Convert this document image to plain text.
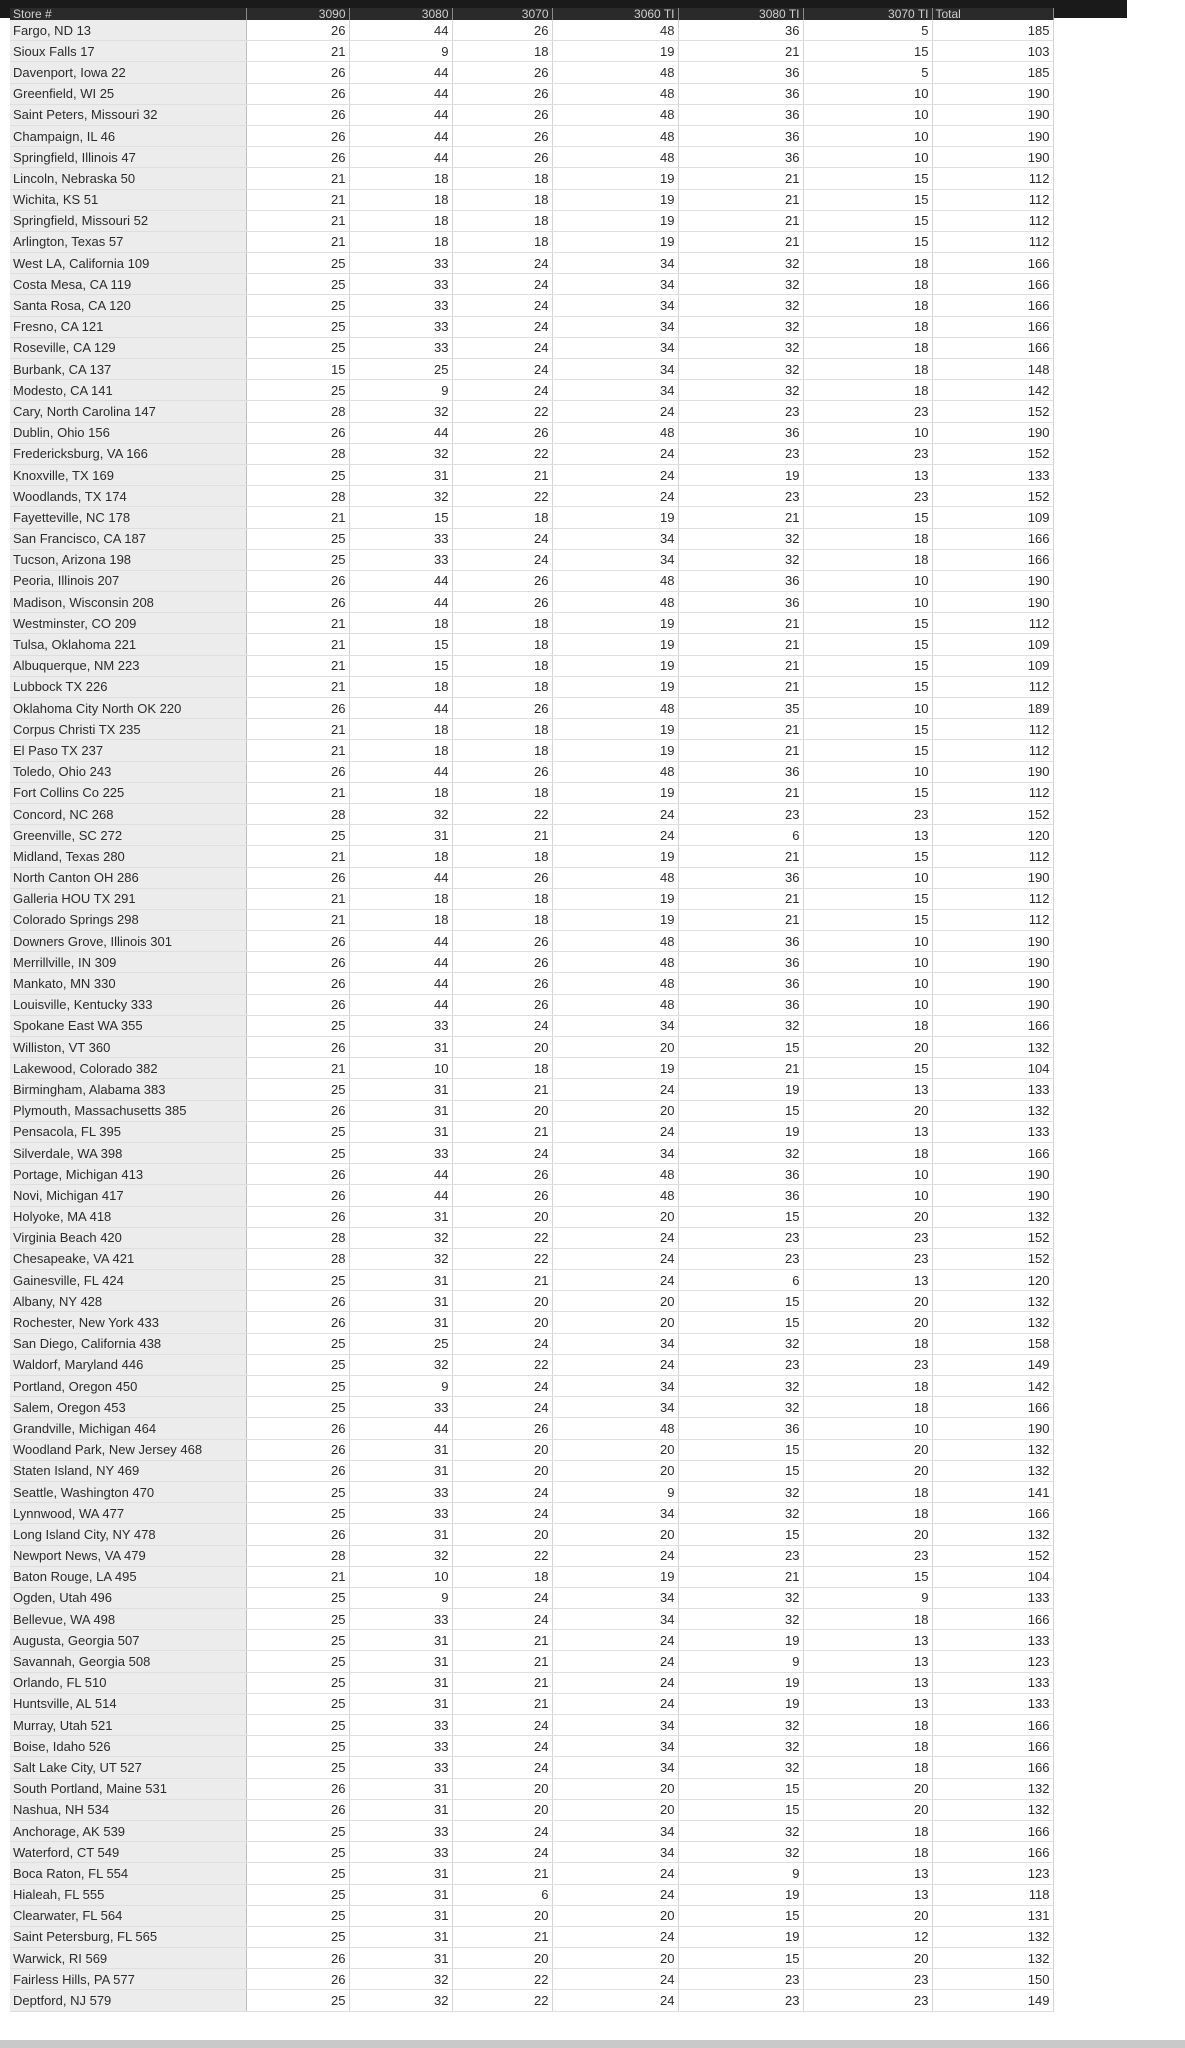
Store #	3090	3080	3070	3060 TI	3080 TI	3070 TI	Total
Fargo, ND 13	26	44	26	48	36	5	185
Sioux Falls 17	21	9	18	19	21	15	103
Davenport, Iowa 22	26	44	26	48	36	5	185
Greenfield, WI 25	26	44	26	48	36	10	190
Saint Peters, Missouri 32	26	44	26	48	36	10	190
Champaign, IL 46	26	44	26	48	36	10	190
Springfield, Illinois 47	26	44	26	48	36	10	190
Lincoln, Nebraska 50	21	18	18	19	21	15	112
Wichita, KS 51	21	18	18	19	21	15	112
Springfield, Missouri 52	21	18	18	19	21	15	112
Arlington, Texas 57	21	18	18	19	21	15	112
West LA, California 109	25	33	24	34	32	18	166
Costa Mesa, CA 119	25	33	24	34	32	18	166
Santa Rosa, CA 120	25	33	24	34	32	18	166
Fresno, CA 121	25	33	24	34	32	18	166
Roseville, CA 129	25	33	24	34	32	18	166
Burbank, CA 137	15	25	24	34	32	18	148
Modesto, CA 141	25	9	24	34	32	18	142
Cary, North Carolina 147	28	32	22	24	23	23	152
Dublin, Ohio 156	26	44	26	48	36	10	190
Fredericksburg, VA 166	28	32	22	24	23	23	152
Knoxville, TX 169	25	31	21	24	19	13	133
Woodlands, TX 174	28	32	22	24	23	23	152
Fayetteville, NC 178	21	15	18	19	21	15	109
San Francisco, CA 187	25	33	24	34	32	18	166
Tucson, Arizona 198	25	33	24	34	32	18	166
Peoria, Illinois 207	26	44	26	48	36	10	190
Madison, Wisconsin 208	26	44	26	48	36	10	190
Westminster, CO 209	21	18	18	19	21	15	112
Tulsa, Oklahoma 221	21	15	18	19	21	15	109
Albuquerque, NM 223	21	15	18	19	21	15	109
Lubbock TX 226	21	18	18	19	21	15	112
Oklahoma City North OK 220	26	44	26	48	35	10	189
Corpus Christi TX 235	21	18	18	19	21	15	112
El Paso TX 237	21	18	18	19	21	15	112
Toledo, Ohio 243	26	44	26	48	36	10	190
Fort Collins Co 225	21	18	18	19	21	15	112
Concord, NC 268	28	32	22	24	23	23	152
Greenville, SC 272	25	31	21	24	6	13	120
Midland, Texas 280	21	18	18	19	21	15	112
North Canton OH 286	26	44	26	48	36	10	190
Galleria HOU TX 291	21	18	18	19	21	15	112
Colorado Springs 298	21	18	18	19	21	15	112
Downers Grove, Illinois 301	26	44	26	48	36	10	190
Merrillville, IN 309	26	44	26	48	36	10	190
Mankato, MN 330	26	44	26	48	36	10	190
Louisville, Kentucky 333	26	44	26	48	36	10	190
Spokane East WA 355	25	33	24	34	32	18	166
Williston, VT 360	26	31	20	20	15	20	132
Lakewood, Colorado 382	21	10	18	19	21	15	104
Birmingham, Alabama 383	25	31	21	24	19	13	133
Plymouth, Massachusetts 385	26	31	20	20	15	20	132
Pensacola, FL 395	25	31	21	24	19	13	133
Silverdale, WA 398	25	33	24	34	32	18	166
Portage, Michigan 413	26	44	26	48	36	10	190
Novi, Michigan 417	26	44	26	48	36	10	190
Holyoke, MA 418	26	31	20	20	15	20	132
Virginia Beach 420	28	32	22	24	23	23	152
Chesapeake, VA 421	28	32	22	24	23	23	152
Gainesville, FL 424	25	31	21	24	6	13	120
Albany, NY 428	26	31	20	20	15	20	132
Rochester, New York 433	26	31	20	20	15	20	132
San Diego, California 438	25	25	24	34	32	18	158
Waldorf, Maryland 446	25	32	22	24	23	23	149
Portland, Oregon 450	25	9	24	34	32	18	142
Salem, Oregon 453	25	33	24	34	32	18	166
Grandville, Michigan 464	26	44	26	48	36	10	190
Woodland Park, New Jersey 468	26	31	20	20	15	20	132
Staten Island, NY 469	26	31	20	20	15	20	132
Seattle, Washington 470	25	33	24	9	32	18	141
Lynnwood, WA 477	25	33	24	34	32	18	166
Long Island City, NY 478	26	31	20	20	15	20	132
Newport News, VA 479	28	32	22	24	23	23	152
Baton Rouge, LA 495	21	10	18	19	21	15	104
Ogden, Utah 496	25	9	24	34	32	9	133
Bellevue, WA 498	25	33	24	34	32	18	166
Augusta, Georgia 507	25	31	21	24	19	13	133
Savannah, Georgia 508	25	31	21	24	9	13	123
Orlando, FL 510	25	31	21	24	19	13	133
Huntsville, AL 514	25	31	21	24	19	13	133
Murray, Utah 521	25	33	24	34	32	18	166
Boise, Idaho 526	25	33	24	34	32	18	166
Salt Lake City, UT 527	25	33	24	34	32	18	166
South Portland, Maine 531	26	31	20	20	15	20	132
Nashua, NH 534	26	31	20	20	15	20	132
Anchorage, AK 539	25	33	24	34	32	18	166
Waterford, CT 549	25	33	24	34	32	18	166
Boca Raton, FL 554	25	31	21	24	9	13	123
Hialeah, FL 555	25	31	6	24	19	13	118
Clearwater, FL 564	25	31	20	20	15	20	131
Saint Petersburg, FL 565	25	31	21	24	19	12	132
Warwick, RI 569	26	31	20	20	15	20	132
Fairless Hills, PA 577	26	32	22	24	23	23	150
Deptford, NJ 579	25	32	22	24	23	23	149
